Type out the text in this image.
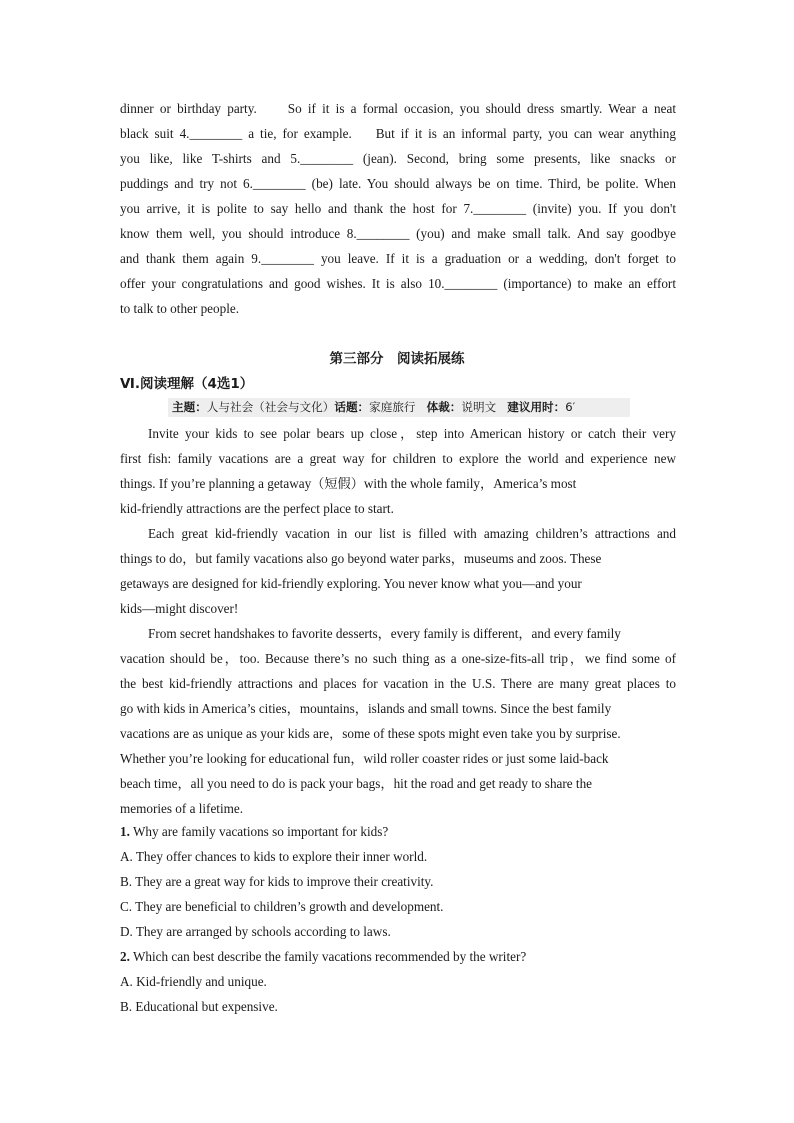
dinner or birthday party.     So if it is a formal occasion, you should dress smartly. Wear a neat

black suit 4.________ a tie, for example.    But if it is an informal party, you can wear anything

you like, like T-shirts and 5.________ (jean). Second, bring some presents, like snacks or

puddings and try not 6.________ (be) late. You should always be on time. Third, be polite. When

you arrive, it is polite to say hello and thank the host for 7.________ (invite) you. If you don't

know them well, you should introduce 8.________ (you) and make small talk. And say goodbye

and thank them again 9.________ you leave. If it is a graduation or a wedding, don't forget to

offer your congratulations and good wishes. It is also 10.________ (importance) to make an effort

to talk to other people.

第三部分　阅读拓展练
Ⅵ.阅读理解（4选1）
主题：人与社会（社会与文化）话题：家庭旅行 体裁：说明文 建议用时：6′

Invite your kids to see polar bears up close，step into American history or catch their very

first fish: family vacations are a great way for children to explore the world and experience new

things. If you’re planning a getaway（短假）with the whole family，America’s most

kid-friendly attractions are the perfect place to start.

Each great kid-friendly vacation in our list is filled with amazing children’s attractions and

things to do，but family vacations also go beyond water parks，museums and zoos. These

getaways are designed for kid-friendly exploring. You never know what you—and your

kids—might discover!

From secret handshakes to favorite desserts，every family is different，and every family

vacation should be，too. Because there’s no such thing as a one-size-fits-all trip，we find some of

the best kid-friendly attractions and places for vacation in the U.S. There are many great places to

go with kids in America’s cities，mountains，islands and small towns. Since the best family

vacations are as unique as your kids are，some of these spots might even take you by surprise.

Whether you’re looking for educational fun，wild roller coaster rides or just some laid-back

beach time，all you need to do is pack your bags，hit the road and get ready to share the

memories of a lifetime.

1. Why are family vacations so important for kids?
A. They offer chances to kids to explore their inner world.
B. They are a great way for kids to improve their creativity.
C. They are beneficial to children’s growth and development.
D. They are arranged by schools according to laws.
2. Which can best describe the family vacations recommended by the writer?
A. Kid-friendly and unique.
B. Educational but expensive.
